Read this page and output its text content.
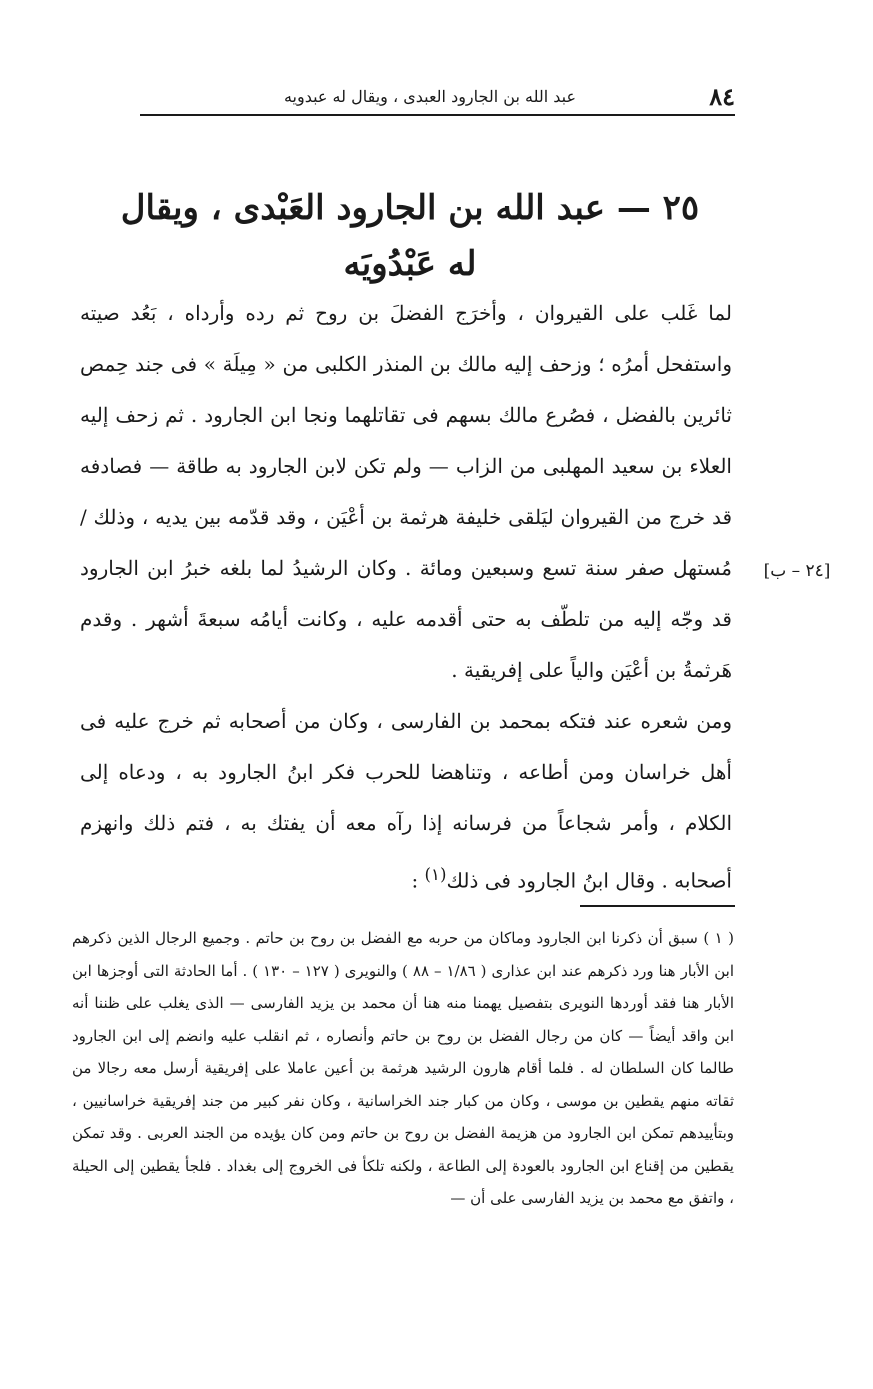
٨٤
عبد الله بن الجارود العبدى ، ويقال له عبدويه
٢٥ — عبد الله بن الجارود العَبْدى ، ويقال له عَبْدُويَه
[٢٤ – ب]

لما غَلب على القيروان ، وأخرَج الفضلَ بن روح ثم رده وأرداه ، بَعُد صيته واستفحل أمرُه ؛ وزحف إليه مالك بن المنذر الكلبى من « مِيلَة » فى جند حِمص ثائرين بالفضل ، فصُرع مالك بسهم فى تقاتلهما ونجا ابن الجارود . ثم زحف إليه العلاء بن سعيد المهلبى من الزاب — ولم تكن لابن الجارود به طاقة — فصادفه قد خرج من القيروان ليَلقى خليفة هرثمة بن أعْيَن ، وقد قدّمه بين يديه ، وذلك / مُستهل صفر سنة تسع وسبعين ومائة . وكان الرشيدُ لما بلغه خبرُ ابن الجارود قد وجّه إليه من تلطّف به حتى أقدمه عليه ، وكانت أيامُه سبعةَ أشهر . وقدم هَرثمةُ بن أعْيَن والياً على إفريقية .

ومن شعره عند فتكه بمحمد بن الفارسى ، وكان من أصحابه ثم خرج عليه فى أهل خراسان ومن أطاعه ، وتناهضا للحرب فكر ابنُ الجارود به ، ودعاه إلى الكلام ، وأمر شجاعاً من فرسانه إذا رآه معه أن يفتك به ، فتم ذلك وانهزم أصحابه . وقال ابنُ الجارود فى ذلك$^{(١)}$ :

( ١ ) سبق أن ذكرنا ابن الجارود وماكان من حربه مع الفضل بن روح بن حاتم . وجميع الرجال الذين ذكرهم ابن الأبار هنا ورد ذكرهم عند ابن عذارى ( ١/٨٦ – ٨٨ ) والنويرى ( ١٢٧ – ١٣٠ ) . أما الحادثة التى أوجزها ابن الأبار هنا فقد أوردها النويرى بتفصيل يهمنا منه هنا أن محمد بن يزيد الفارسى — الذى يغلب على ظننا أنه ابن واقد أيضاً — كان من رجال الفضل بن روح بن حاتم وأنصاره ، ثم انقلب عليه وانضم إلى ابن الجارود طالما كان السلطان له . فلما أقام هارون الرشيد هرثمة بن أعين عاملا على إفريقية أرسل معه رجالا من ثقاته منهم يقطين بن موسى ، وكان من كبار جند الخراسانية ، وكان نفر كبير من جند إفريقية خراسانيين ، وبتأييدهم تمكن ابن الجارود من هزيمة الفضل بن روح بن حاتم ومن كان يؤيده من الجند العربى . وقد تمكن يقطين من إقناع ابن الجارود بالعودة إلى الطاعة ، ولكنه تلكأ فى الخروج إلى بغداد . فلجأ يقطين إلى الحيلة ، واتفق مع محمد بن يزيد الفارسى على أن —
